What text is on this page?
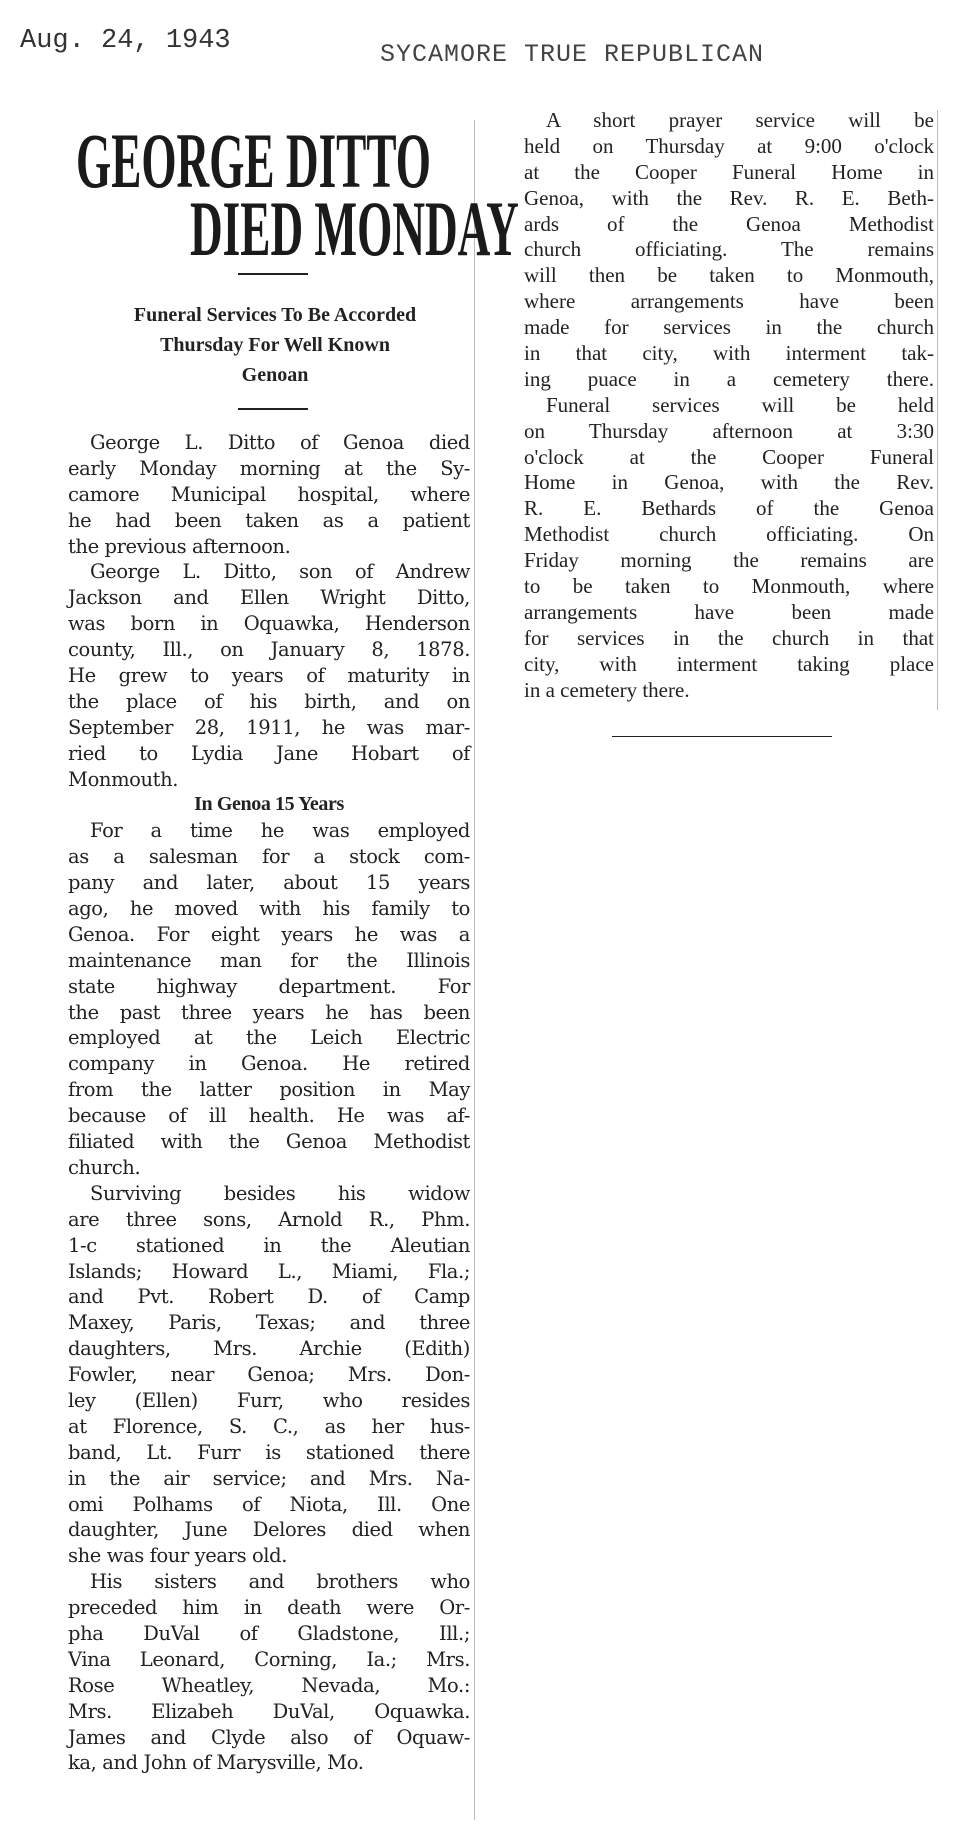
Aug. 24, 1943	SYCAMORE TRUE REPUBLICAN
GEORGE DITTO
DIED MONDAY
Funeral Services To Be Accorded
Thursday For Well Known
Genoan
George L. Ditto of Genoa died
early Monday morning at the Sy-
camore Municipal hospital, where
he had been taken as a patient
the previous afternoon.
George L. Ditto, son of Andrew
Jackson and Ellen Wright Ditto,
was born in Oquawka, Henderson
county, Ill., on January 8, 1878.
He grew to years of maturity in
the place of his birth, and on
September 28, 1911, he was mar-
ried to Lydia Jane Hobart of
Monmouth.
In Genoa 15 Years
For a time he was employed
as a salesman for a stock com-
pany and later, about 15 years
ago, he moved with his family to
Genoa. For eight years he was a
maintenance man for the Illinois
state highway department. For
the past three years he has been
employed at the Leich Electric
company in Genoa. He retired
from the latter position in May
because of ill health. He was af-
filiated with the Genoa Methodist
church.
Surviving besides his widow
are three sons, Arnold R., Phm.
1-c stationed in the Aleutian
Islands; Howard L., Miami, Fla.;
and Pvt. Robert D. of Camp
Maxey, Paris, Texas; and three
daughters, Mrs. Archie (Edith)
Fowler, near Genoa; Mrs. Don-
ley (Ellen) Furr, who resides
at Florence, S. C., as her hus-
band, Lt. Furr is stationed there
in the air service; and Mrs. Na-
omi Polhams of Niota, Ill. One
daughter, June Delores died when
she was four years old.
His sisters and brothers who
preceded him in death were Or-
pha DuVal of Gladstone, Ill.;
Vina Leonard, Corning, Ia.; Mrs.
Rose Wheatley, Nevada, Mo.:
Mrs. Elizabeh DuVal, Oquawka.
James and Clyde also of Oquaw-
ka, and John of Marysville, Mo.
A short prayer service will be
held on Thursday at 9:00 o'clock
at the Cooper Funeral Home in
Genoa, with the Rev. R. E. Beth-
ards of the Genoa Methodist
church officiating. The remains
will then be taken to Monmouth,
where arrangements have been
made for services in the church
in that city, with interment tak-
ing puace in a cemetery there.
Funeral services will be held
on Thursday afternoon at 3:30
o'clock at the Cooper Funeral
Home in Genoa, with the Rev.
R. E. Bethards of the Genoa
Methodist church officiating. On
Friday morning the remains are
to be taken to Monmouth, where
arrangements have been made
for services in the church in that
city, with interment taking place
in a cemetery there.
